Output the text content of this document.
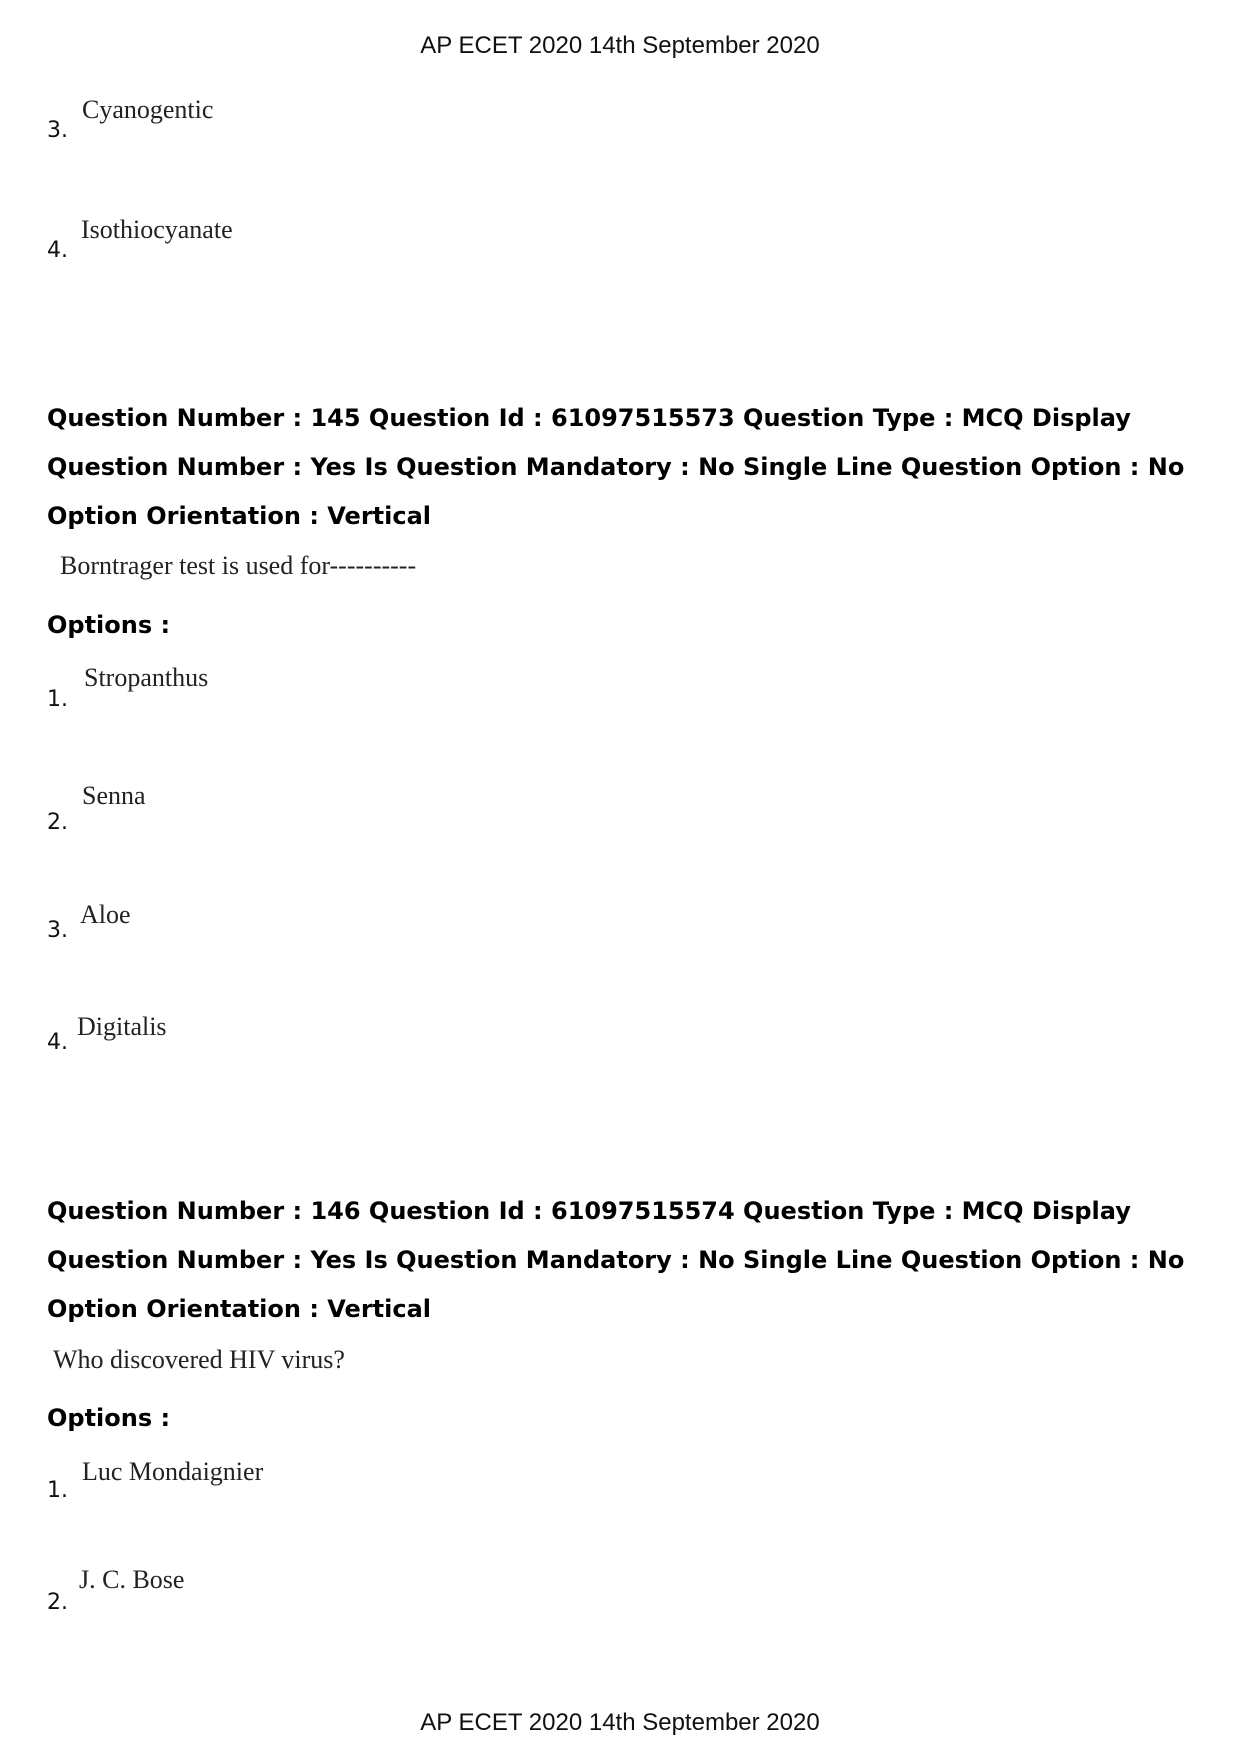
AP ECET 2020 14th September 2020
3.
Cyanogentic
4.
Isothiocyanate
Question Number : 145 Question Id : 61097515573 Question Type : MCQ Display Question Number : Yes Is Question Mandatory : No Single Line Question Option : No Option Orientation : Vertical
Borntrager test is used for----------
Options :
1.
Stropanthus
2.
Senna
3.
Aloe
4.
Digitalis
Question Number : 146 Question Id : 61097515574 Question Type : MCQ Display Question Number : Yes Is Question Mandatory : No Single Line Question Option : No Option Orientation : Vertical
Who discovered HIV virus?
Options :
1.
Luc Mondaignier
2.
J. C. Bose
AP ECET 2020 14th September 2020
